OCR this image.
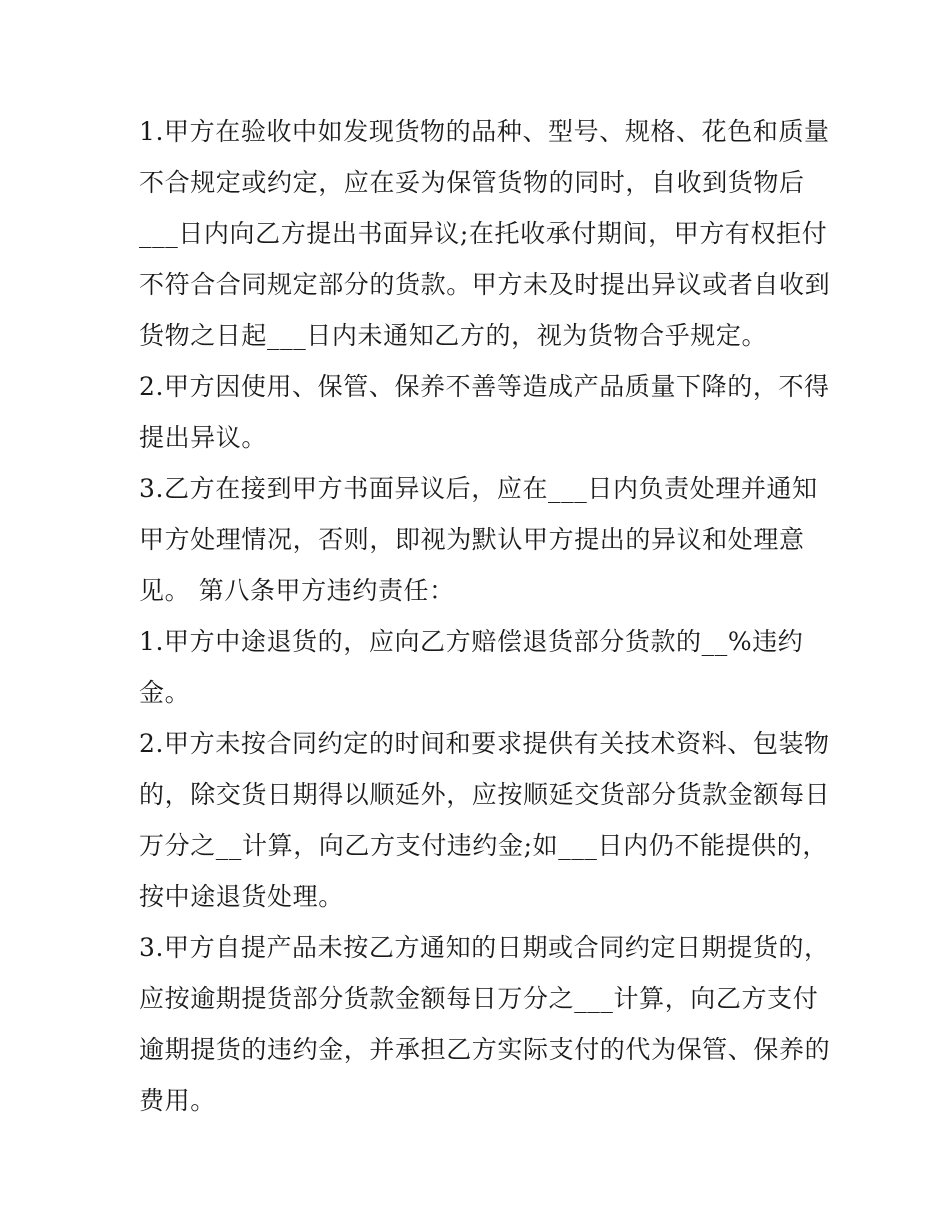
1.甲方在验收中如发现货物的品种、型号、规格、花色和质量
不合规定或约定，应在妥为保管货物的同时，自收到货物后
___日内向乙方提出书面异议;在托收承付期间，甲方有权拒付
不符合合同规定部分的货款。甲方未及时提出异议或者自收到
货物之日起___日内未通知乙方的，视为货物合乎规定。

2.甲方因使用、保管、保养不善等造成产品质量下降的，不得
提出异议。

3.乙方在接到甲方书面异议后，应在___日内负责处理并通知
甲方处理情况，否则，即视为默认甲方提出的异议和处理意
见。 第八条甲方违约责任：

1.甲方中途退货的，应向乙方赔偿退货部分货款的__%违约
金。

2.甲方未按合同约定的时间和要求提供有关技术资料、包装物
的，除交货日期得以顺延外，应按顺延交货部分货款金额每日
万分之__计算，向乙方支付违约金;如___日内仍不能提供的，
按中途退货处理。

3.甲方自提产品未按乙方通知的日期或合同约定日期提货的，
应按逾期提货部分货款金额每日万分之___计算，向乙方支付
逾期提货的违约金，并承担乙方实际支付的代为保管、保养的
费用。
